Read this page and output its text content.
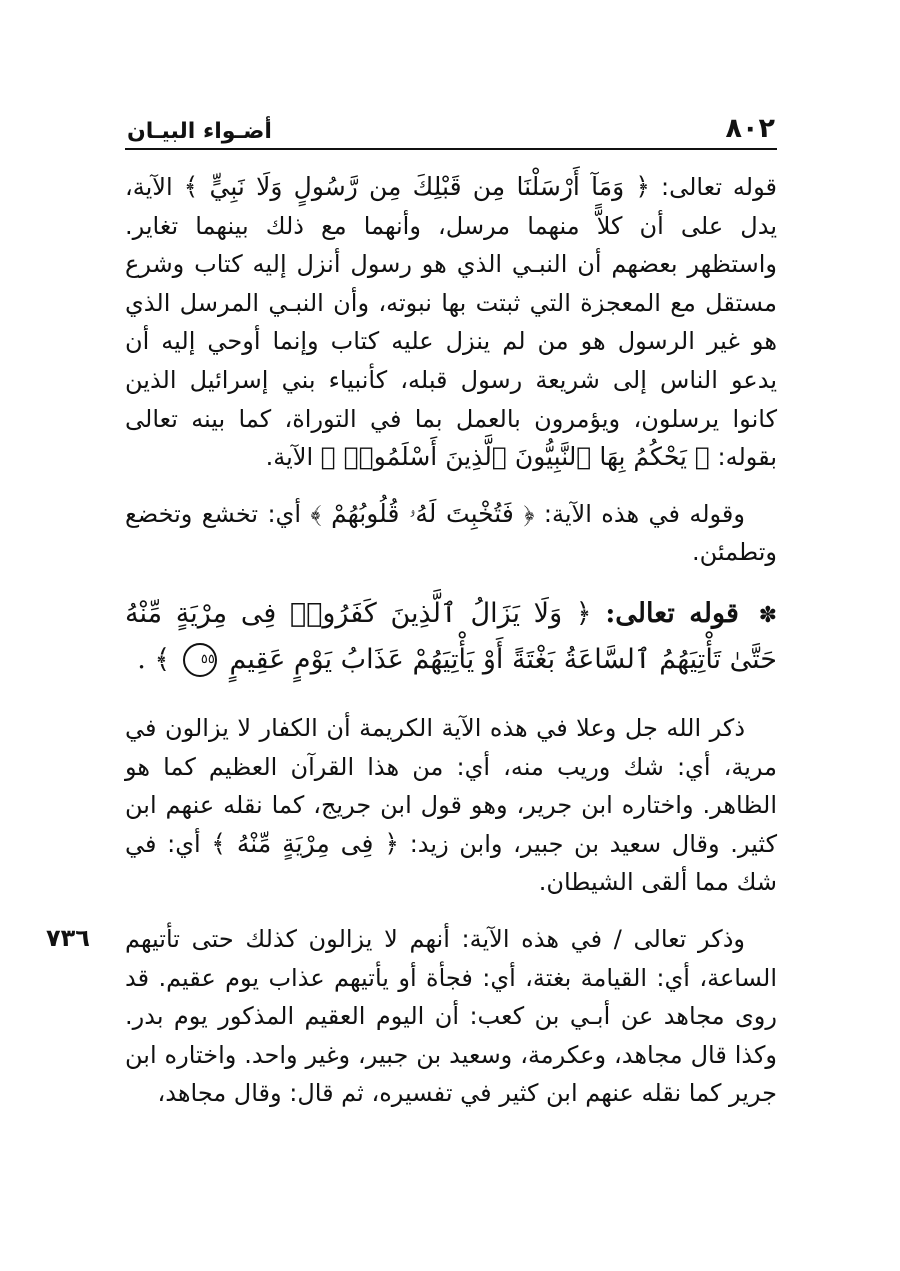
٨٠٢
أضـواء البيـان

قوله تعالى: ﴿ وَمَآ أَرْسَلْنَا مِن قَبْلِكَ مِن رَّسُولٍ وَلَا نَبِيٍّ ﴾ الآية، يدل على أن كلاًّ منهما مرسل، وأنهما مع ذلك بينهما تغاير. واستظهر بعضهم أن النبـي الذي هو رسول أنزل إليه كتاب وشرع مستقل مع المعجزة التي ثبتت بها نبوته، وأن النبـي المرسل الذي هو غير الرسول هو من لم ينزل عليه كتاب وإنما أوحي إليه أن يدعو الناس إلى شريعة رسول قبله، كأنبياء بني إسرائيل الذين كانوا يرسلون، ويؤمرون بالعمل بما في التوراة، كما بينه تعالى بقوله: ﴿ يَحْكُمُ بِهَا ٱلنَّبِيُّونَ ٱلَّذِينَ أَسْلَمُوا۟ ﴾ الآية.

وقوله في هذه الآية: ﴿ فَتُخْبِتَ لَهُۥ قُلُوبُهُمْ ﴾ أي: تخشع وتخضع وتطمئن.

✽ قوله تعالى: ﴿ وَلَا يَزَالُ ٱلَّذِينَ كَفَرُوا۟ فِى مِرْيَةٍ مِّنْهُ حَتَّىٰ تَأْتِيَهُمُ ٱلسَّاعَةُ بَغْتَةً أَوْ يَأْتِيَهُمْ عَذَابُ يَوْمٍ عَقِيمٍ ٥٥ ﴾ .

ذكر الله جل وعلا في هذه الآية الكريمة أن الكفار لا يزالون في مرية، أي: شك وريب منه، أي: من هذا القرآن العظيم كما هو الظاهر. واختاره ابن جرير، وهو قول ابن جريج، كما نقله عنهم ابن كثير. وقال سعيد بن جبير، وابن زيد: ﴿ فِى مِرْيَةٍ مِّنْهُ ﴾ أي: في شك مما ألقى الشيطان.

وذكر تعالى / في هذه الآية: أنهم لا يزالون كذلك حتى تأتيهم الساعة، أي: القيامة بغتة، أي: فجأة أو يأتيهم عذاب يوم عقيم. قد روى مجاهد عن أبـي بن كعب: أن اليوم العقيم المذكور يوم بدر. وكذا قال مجاهد، وعكرمة، وسعيد بن جبير، وغير واحد. واختاره ابن جرير كما نقله عنهم ابن كثير في تفسيره، ثم قال: وقال مجاهد،

٧٣٦
